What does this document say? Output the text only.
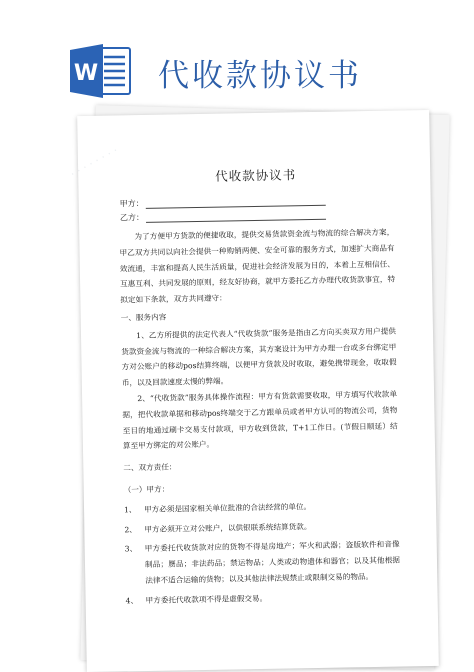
W 代收款协议书
· · · · · · · ·	代收款协议书
甲方：
乙方：

为了方便甲方货款的便捷收取，提供交易货款资金流与物流的综合解决方案，甲乙双方共同以向社会提供一种购销两便、安全可靠的服务方式，加速扩大商品有效流通，丰富和提高人民生活质量，促进社会经济发展为目的，本着上互相信任、互惠互利、共同发展的原则，经友好协商，就甲方委托乙方办理代收货款事宜，特拟定如下条款，双方共同遵守：

一、服务内容

1、乙方所提供的法定代表人“代收货款”服务是指由乙方向买卖双方用户提供货款资金流与物流的一种综合解决方案，其方案设计为甲方办理一台或多台绑定甲方对公账户的移动pos结算终端，以便甲方货款及时收取，避免携带现金，收取假币，以及回款速度太慢的弊端。

2、“代收货款”服务具体操作流程：甲方有货款需要收取，甲方填写代收款单据，把代收款单据和移动pos终端交于乙方跟单员或者甲方认可的物流公司，货物至目的地通过刷卡交易支付款项，甲方收到货款，T+1工作日。(节假日顺延）结算至甲方绑定的对公账户。

二、双方责任：
（一）甲方：
1、 甲方必须是国家相关单位批准的合法经营的单位。
2、 甲方必须开立对公账户，以供银联系统结算货款。
3、 甲方委托代收货款对应的货物不得是房地产；军火和武器；盗版软件和音像制品；赝品；非法药品；禁运物品；人类或动物遗体和器官；以及其他根据法律不适合运输的货物；以及其他法律法规禁止或限制交易的物品。
4、 甲方委托代收款项不得是虚假交易。
